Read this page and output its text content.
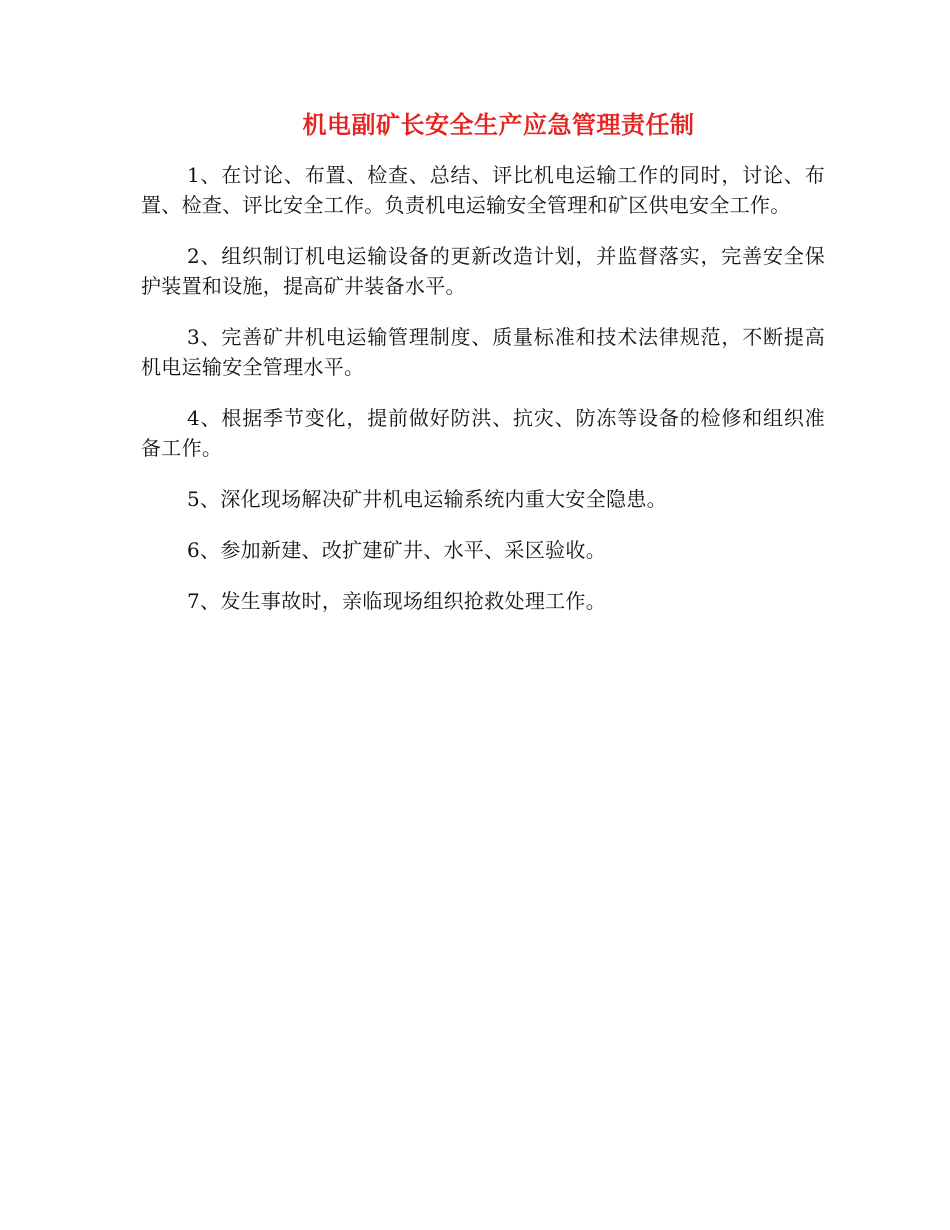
机电副矿长安全生产应急管理责任制

1、在讨论、布置、检查、总结、评比机电运输工作的同时，讨论、布置、检查、评比安全工作。负责机电运输安全管理和矿区供电安全工作。

2、组织制订机电运输设备的更新改造计划，并监督落实，完善安全保护装置和设施，提高矿井装备水平。

3、完善矿井机电运输管理制度、质量标准和技术法律规范，不断提高机电运输安全管理水平。

4、根据季节变化，提前做好防洪、抗灾、防冻等设备的检修和组织准备工作。

5、深化现场解决矿井机电运输系统内重大安全隐患。

6、参加新建、改扩建矿井、水平、采区验收。

7、发生事故时，亲临现场组织抢救处理工作。
